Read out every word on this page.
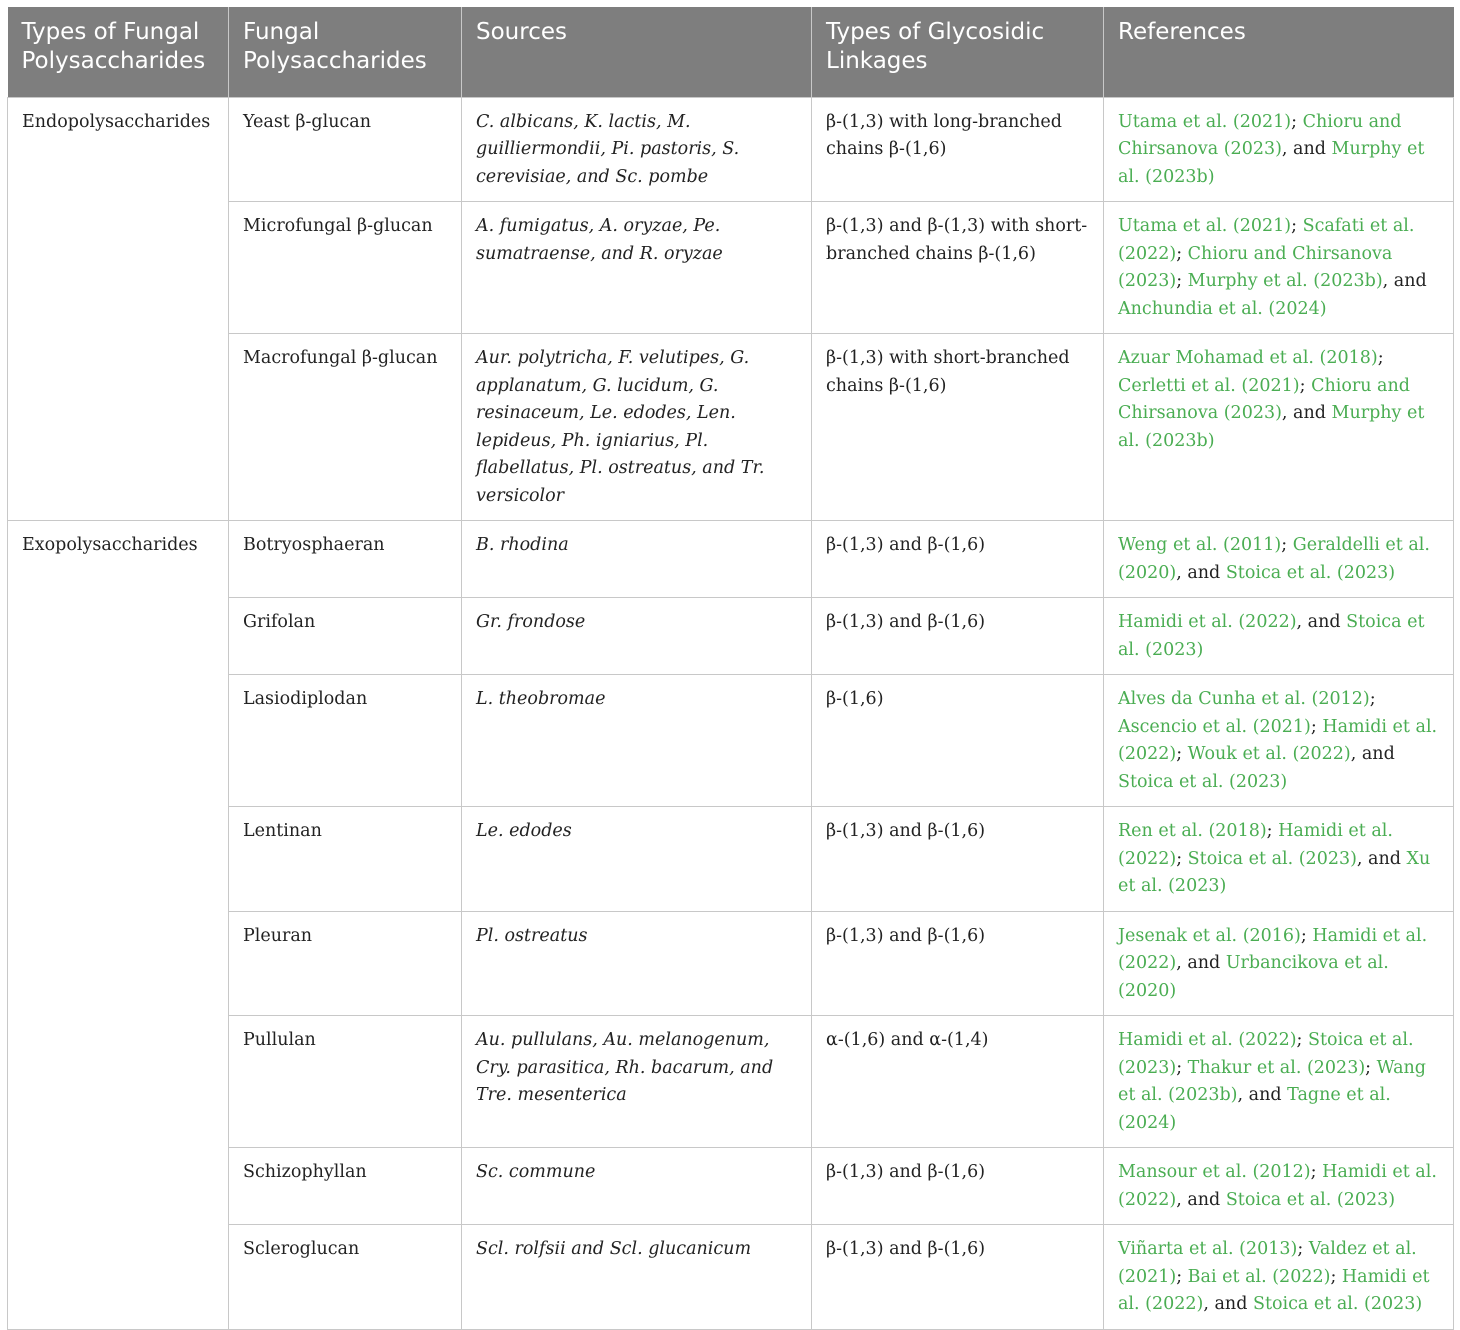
Types of Fungal Polysaccharides	Fungal Polysaccharides	Sources	Types of Glycosidic Linkages	References
Endopolysaccharides	Yeast β-glucan	C. albicans, K. lactis, M. guilliermondii, Pi. pastoris, S. cerevisiae, and Sc. pombe	β-(1,3) with long-branched chains β-(1,6)	Utama et al. (2021); Chioru and Chirsanova (2023), and Murphy et al. (2023b)
	Microfungal β-glucan	A. fumigatus, A. oryzae, Pe. sumatraense, and R. oryzae	β-(1,3) and β-(1,3) with short-branched chains β-(1,6)	Utama et al. (2021); Scafati et al. (2022); Chioru and Chirsanova (2023); Murphy et al. (2023b), and Anchundia et al. (2024)
	Macrofungal β-glucan	Aur. polytricha, F. velutipes, G. applanatum, G. lucidum, G. resinaceum, Le. edodes, Len. lepideus, Ph. igniarius, Pl. flabellatus, Pl. ostreatus, and Tr. versicolor	β-(1,3) with short-branched chains β-(1,6)	Azuar Mohamad et al. (2018); Cerletti et al. (2021); Chioru and Chirsanova (2023), and Murphy et al. (2023b)
Exopolysaccharides	Botryosphaeran	B. rhodina	β-(1,3) and β-(1,6)	Weng et al. (2011); Geraldelli et al. (2020), and Stoica et al. (2023)
	Grifolan	Gr. frondose	β-(1,3) and β-(1,6)	Hamidi et al. (2022), and Stoica et al. (2023)
	Lasiodiplodan	L. theobromae	β-(1,6)	Alves da Cunha et al. (2012); Ascencio et al. (2021); Hamidi et al. (2022); Wouk et al. (2022), and Stoica et al. (2023)
	Lentinan	Le. edodes	β-(1,3) and β-(1,6)	Ren et al. (2018); Hamidi et al. (2022); Stoica et al. (2023), and Xu et al. (2023)
	Pleuran	Pl. ostreatus	β-(1,3) and β-(1,6)	Jesenak et al. (2016); Hamidi et al. (2022), and Urbancikova et al. (2020)
	Pullulan	Au. pullulans, Au. melanogenum, Cry. parasitica, Rh. bacarum, and Tre. mesenterica	α-(1,6) and α-(1,4)	Hamidi et al. (2022); Stoica et al. (2023); Thakur et al. (2023); Wang et al. (2023b), and Tagne et al. (2024)
	Schizophyllan	Sc. commune	β-(1,3) and β-(1,6)	Mansour et al. (2012); Hamidi et al. (2022), and Stoica et al. (2023)
	Scleroglucan	Scl. rolfsii and Scl. glucanicum	β-(1,3) and β-(1,6)	Viñarta et al. (2013); Valdez et al. (2021); Bai et al. (2022); Hamidi et al. (2022), and Stoica et al. (2023)
